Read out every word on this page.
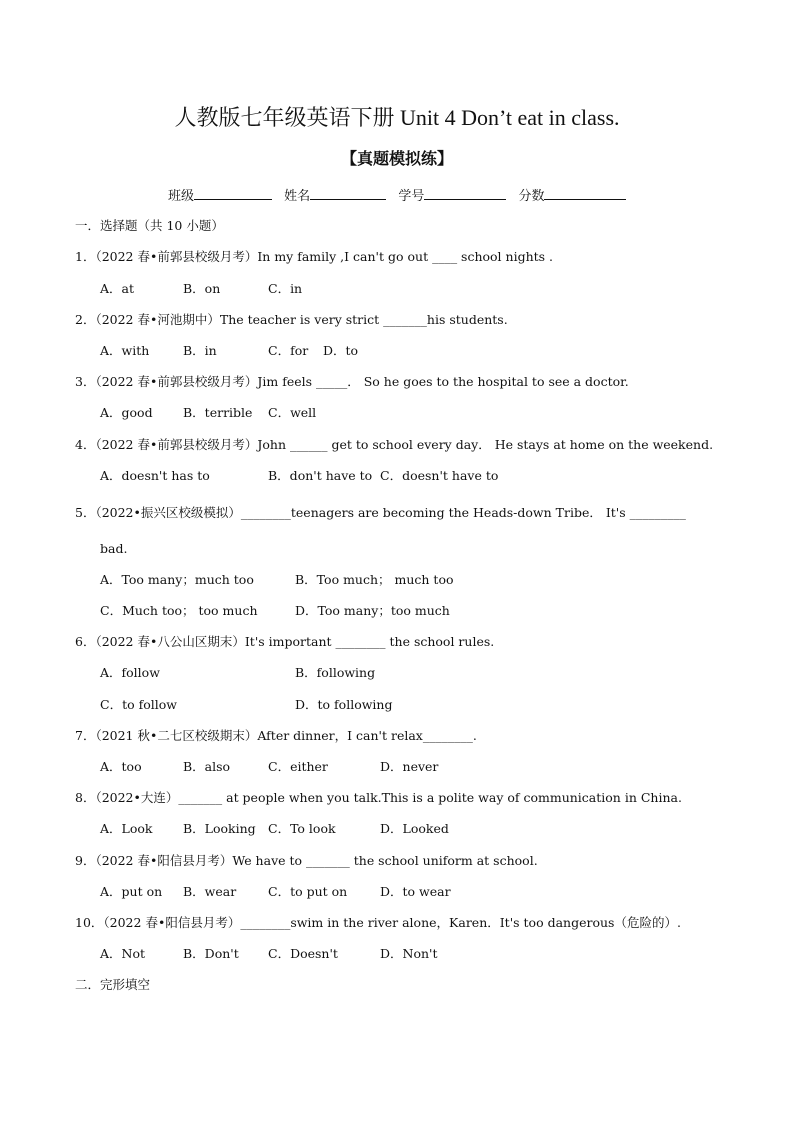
人教版七年级英语下册 Unit 4 Don’t eat in class.
【真题模拟练】
班级	姓名	学号	分数
一．选择题（共 10 小题）
1．（2022 春•前郭县校级月考）In my family ,I can't go out ____ school nights .
A．at	B．on	C．in
2．（2022 春•河池期中）The teacher is very strict _______his students.
A．with	B．in	C．for D．to
3．（2022 春•前郭县校级月考）Jim feels _____． So he goes to the hospital to see a doctor.
A．good B．terrible C．well
4．（2022 春•前郭县校级月考）John ______ get to school every day． He stays at home on the weekend.
A．doesn't has to	B．don't have to C．doesn't have to
5．（2022•振兴区校级模拟）________teenagers are becoming the Heads-down Tribe． It's _________
bad.
A．Too many；much too	B．Too much； much too
C．Much too； too much	D．Too many；too much
6．（2022 春•八公山区期末）It's important ________ the school rules.
A．follow	B．following
C．to follow	D．to following
7．（2021 秋•二七区校级期末）After dinner，I can't relax________.
A．too	B．also	C．either	D．never
8．（2022•大连）_______ at people when you talk.This is a polite way of communication in China.
A．Look B．Looking C．To look	D．Looked
9．（2022 春•阳信县月考）We have to _______ the school uniform at school.
A．put on B．wear	C．to put on	D．to wear
10．（2022 春•阳信县月考）________swim in the river alone，Karen．It's too dangerous（危险的）.
A．Not	B．Don't C．Doesn't	D．Non't
二．完形填空
